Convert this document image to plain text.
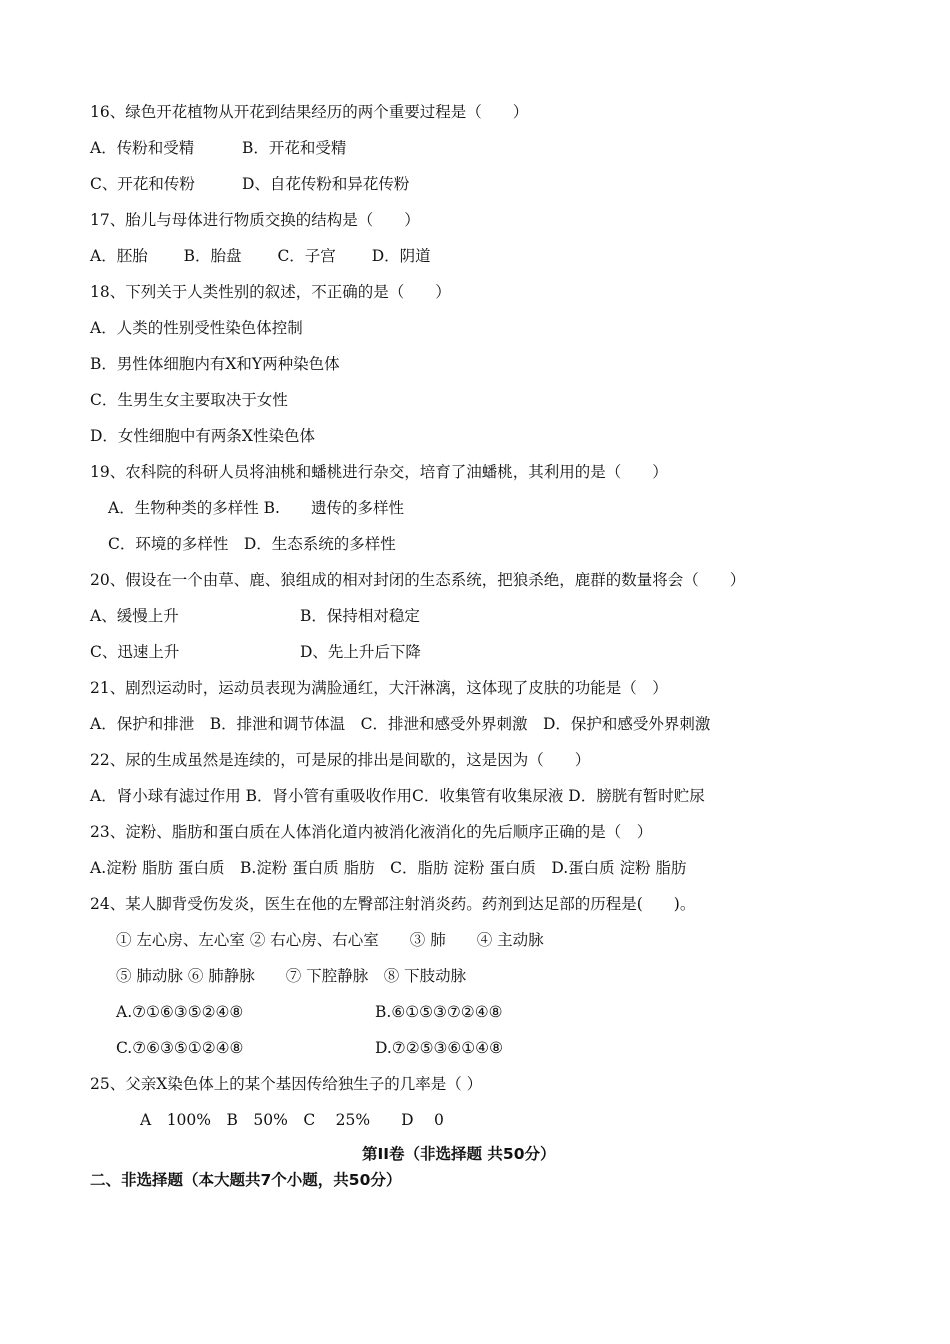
16、绿色开花植物从开花到结果经历的两个重要过程是（　　）
A．传粉和受精	B．开花和受精
C、开花和传粉	D、自花传粉和异花传粉
17、胎儿与母体进行物质交换的结构是（　　）
A．胚胎　　 B．胎盘　　 C．子宫　　 D．阴道
18、下列关于人类性别的叙述，不正确的是（　　）
A．人类的性别受性染色体控制
B．男性体细胞内有X和Y两种染色体
C．生男生女主要取决于女性
D．女性细胞中有两条X性染色体
19、农科院的科研人员将油桃和蟠桃进行杂交，培育了油蟠桃，其利用的是（　　）
A．生物种类的多样性 B.　　遗传的多样性
C．环境的多样性　D．生态系统的多样性
20、假设在一个由草、鹿、狼组成的相对封闭的生态系统，把狼杀绝，鹿群的数量将会（　　）
A、缓慢上升	B．保持相对稳定
C、迅速上升	D、先上升后下降
21、剧烈运动时，运动员表现为满脸通红，大汗淋漓，这体现了皮肤的功能是（　）
A．保护和排泄　B．排泄和调节体温　C．排泄和感受外界刺激　D．保护和感受外界刺激
22、尿的生成虽然是连续的，可是尿的排出是间歇的，这是因为（　　）
A．肾小球有滤过作用 B．肾小管有重吸收作用C．收集管有收集尿液 D．膀胱有暂时贮尿
23、淀粉、脂肪和蛋白质在人体消化道内被消化液消化的先后顺序正确的是（　）
A.淀粉 脂肪 蛋白质　B.淀粉 蛋白质 脂肪　C．脂肪 淀粉 蛋白质　D.蛋白质 淀粉 脂肪
24、某人脚背受伤发炎，医生在他的左臀部注射消炎药。药剂到达足部的历程是(　　)。
① 左心房、左心室 ② 右心房、右心室　　③ 肺　　④ 主动脉
⑤ 肺动脉 ⑥ 肺静脉　　⑦ 下腔静脉　⑧ 下肢动脉
A.⑦①⑥③⑤②④⑧	B.⑥①⑤③⑦②④⑧
C.⑦⑥③⑤①②④⑧	D.⑦②⑤③⑥①④⑧
25、父亲X染色体上的某个基因传给独生子的几率是（ ）
A　100%　B　50%　C　 25%　　D　 0
第II卷（非选择题 共50分）
二、非选择题（本大题共7个小题，共50分）
